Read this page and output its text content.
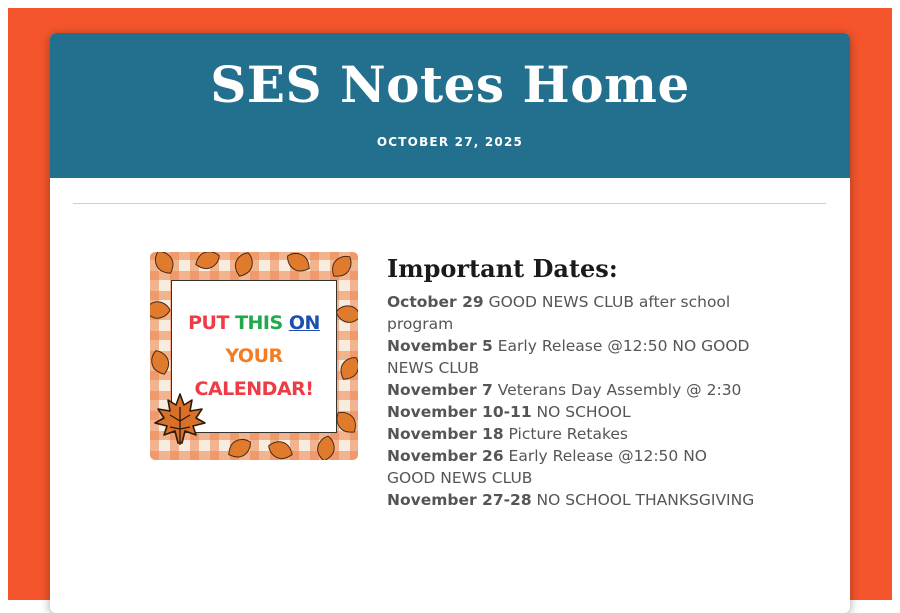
SES Notes Home
OCTOBER 27, 2025
PUT THIS ON
YOUR
CALENDAR!
Important Dates:
October 29 GOOD NEWS CLUB after school program
November 5 Early Release @12:50 NO GOOD NEWS CLUB
November 7 Veterans Day Assembly @ 2:30
November 10-11 NO SCHOOL
November 18 Picture Retakes
November 26 Early Release @12:50 NO GOOD NEWS CLUB
November 27-28 NO SCHOOL THANKSGIVING
